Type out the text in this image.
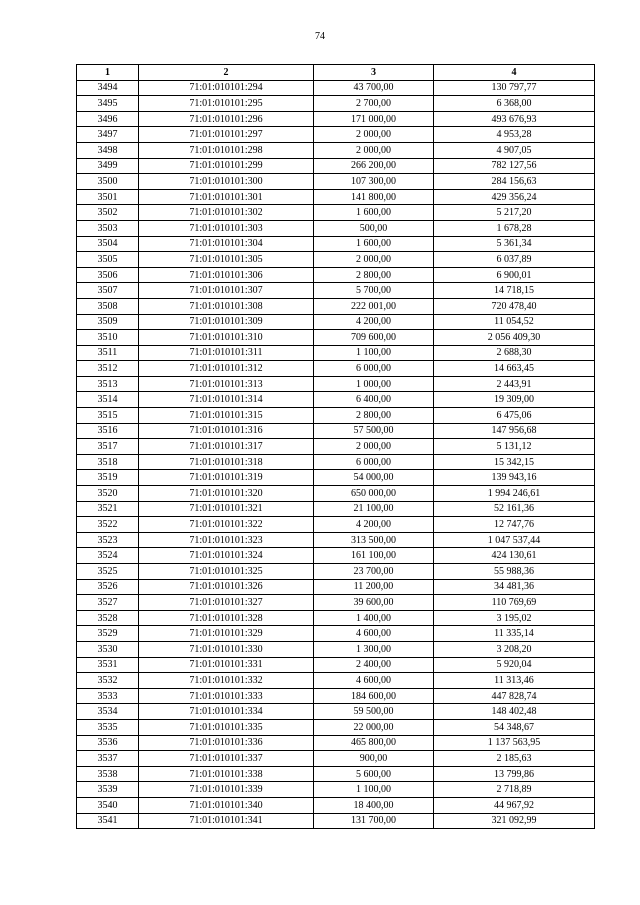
74
1	2	3	4
3494	71:01:010101:294	43 700,00	130 797,77
3495	71:01:010101:295	2 700,00	6 368,00
3496	71:01:010101:296	171 000,00	493 676,93
3497	71:01:010101:297	2 000,00	4 953,28
3498	71:01:010101:298	2 000,00	4 907,05
3499	71:01:010101:299	266 200,00	782 127,56
3500	71:01:010101:300	107 300,00	284 156,63
3501	71:01:010101:301	141 800,00	429 356,24
3502	71:01:010101:302	1 600,00	5 217,20
3503	71:01:010101:303	500,00	1 678,28
3504	71:01:010101:304	1 600,00	5 361,34
3505	71:01:010101:305	2 000,00	6 037,89
3506	71:01:010101:306	2 800,00	6 900,01
3507	71:01:010101:307	5 700,00	14 718,15
3508	71:01:010101:308	222 001,00	720 478,40
3509	71:01:010101:309	4 200,00	11 054,52
3510	71:01:010101:310	709 600,00	2 056 409,30
3511	71:01:010101:311	1 100,00	2 688,30
3512	71:01:010101:312	6 000,00	14 663,45
3513	71:01:010101:313	1 000,00	2 443,91
3514	71:01:010101:314	6 400,00	19 309,00
3515	71:01:010101:315	2 800,00	6 475,06
3516	71:01:010101:316	57 500,00	147 956,68
3517	71:01:010101:317	2 000,00	5 131,12
3518	71:01:010101:318	6 000,00	15 342,15
3519	71:01:010101:319	54 000,00	139 943,16
3520	71:01:010101:320	650 000,00	1 994 246,61
3521	71:01:010101:321	21 100,00	52 161,36
3522	71:01:010101:322	4 200,00	12 747,76
3523	71:01:010101:323	313 500,00	1 047 537,44
3524	71:01:010101:324	161 100,00	424 130,61
3525	71:01:010101:325	23 700,00	55 988,36
3526	71:01:010101:326	11 200,00	34 481,36
3527	71:01:010101:327	39 600,00	110 769,69
3528	71:01:010101:328	1 400,00	3 195,02
3529	71:01:010101:329	4 600,00	11 335,14
3530	71:01:010101:330	1 300,00	3 208,20
3531	71:01:010101:331	2 400,00	5 920,04
3532	71:01:010101:332	4 600,00	11 313,46
3533	71:01:010101:333	184 600,00	447 828,74
3534	71:01:010101:334	59 500,00	148 402,48
3535	71:01:010101:335	22 000,00	54 348,67
3536	71:01:010101:336	465 800,00	1 137 563,95
3537	71:01:010101:337	900,00	2 185,63
3538	71:01:010101:338	5 600,00	13 799,86
3539	71:01:010101:339	1 100,00	2 718,89
3540	71:01:010101:340	18 400,00	44 967,92
3541	71:01:010101:341	131 700,00	321 092,99
